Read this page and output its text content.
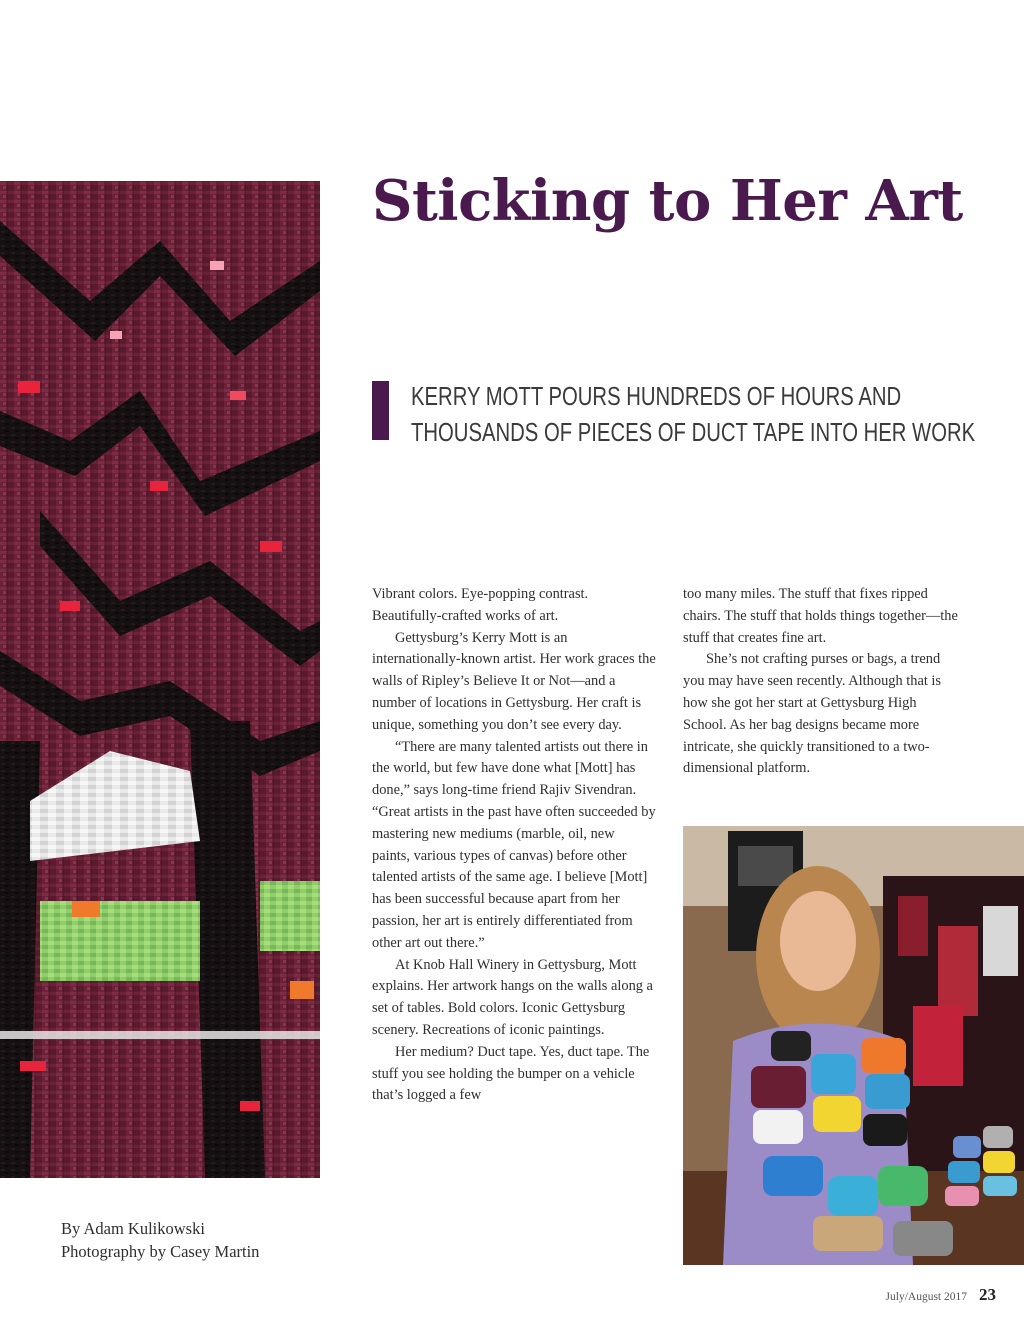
Sticking to Her Art
KERRY MOTT POURS HUNDREDS OF HOURS AND
THOUSANDS OF PIECES OF DUCT TAPE INTO HER WORK

Vibrant colors. Eye-popping contrast. Beautifully-crafted works of art.

Gettysburg’s Kerry Mott is an internationally-known artist. Her work graces the walls of Ripley’s Believe It or Not—and a number of locations in Gettysburg. Her craft is unique, something you don’t see every day.

“There are many talented artists out there in the world, but few have done what [Mott] has done,” says long-time friend Rajiv Sivendran. “Great artists in the past have often succeeded by mastering new mediums (marble, oil, new paints, various types of canvas) before other talented artists of the same age. I believe [Mott] has been successful because apart from her passion, her art is entirely differentiated from other art out there.”

At Knob Hall Winery in Gettysburg, Mott explains. Her artwork hangs on the walls along a set of tables. Bold colors. Iconic Gettysburg scenery. Recreations of iconic paintings.

Her medium? Duct tape. Yes, duct tape. The stuff you see holding the bumper on a vehicle that’s logged a few

too many miles. The stuff that fixes ripped chairs. The stuff that holds things together—the stuff that creates fine art.

She’s not crafting purses or bags, a trend you may have seen recently. Although that is how she got her start at Gettysburg High School. As her bag designs became more intricate, she quickly transitioned to a two-dimensional platform.

By Adam Kulikowski
Photography by Casey Martin
July/August 2017 23
